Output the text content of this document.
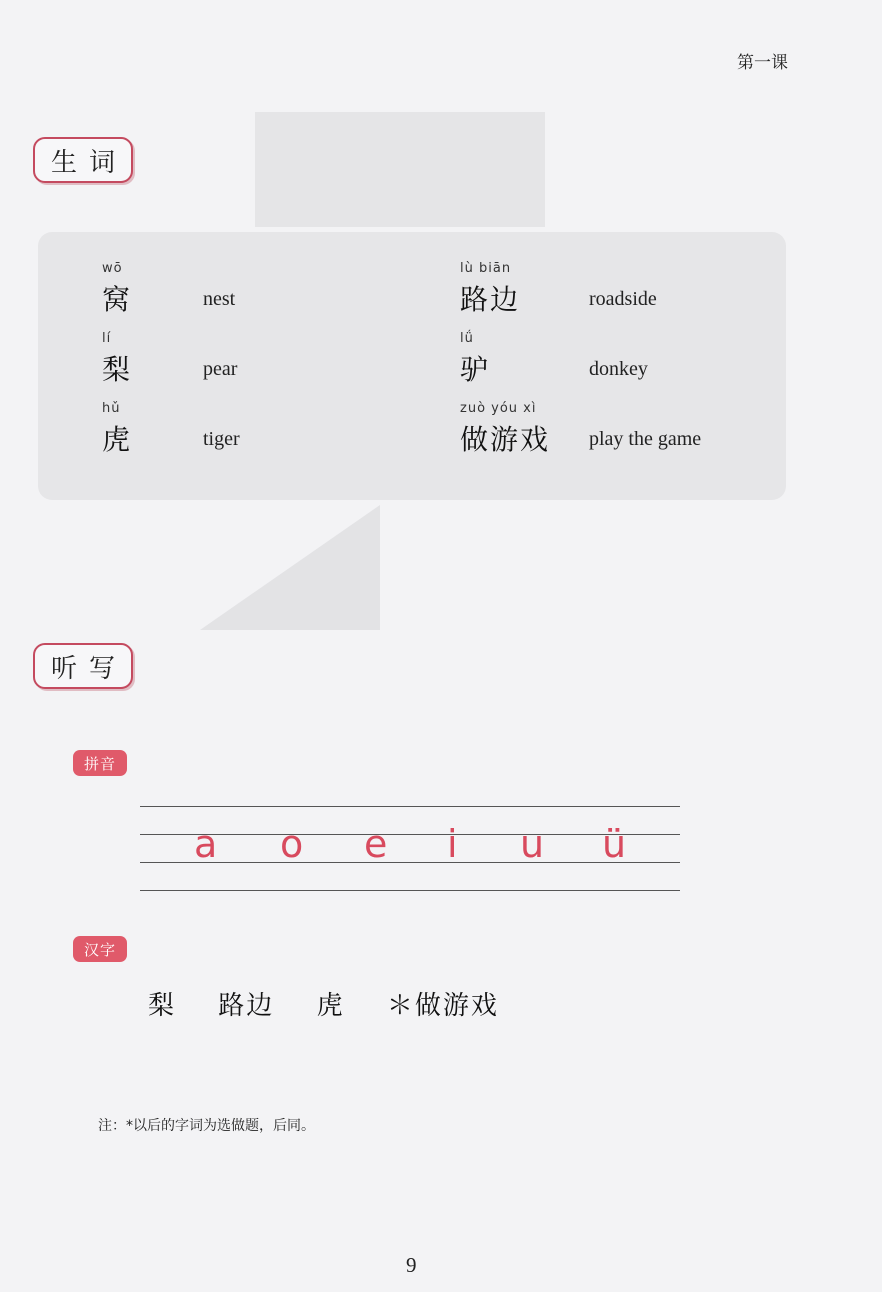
第一课
生词
wō
窝	nest
lù biān
路边	roadside
lí
梨	pear
lǘ
驴	donkey
hǔ
虎	tiger
zuò yóu xì
做游戏 play the game
听写
拼音
a o e i u ü
汉字
梨 路边 虎 ＊做游戏
注：*以后的字词为选做题，后同。
9
